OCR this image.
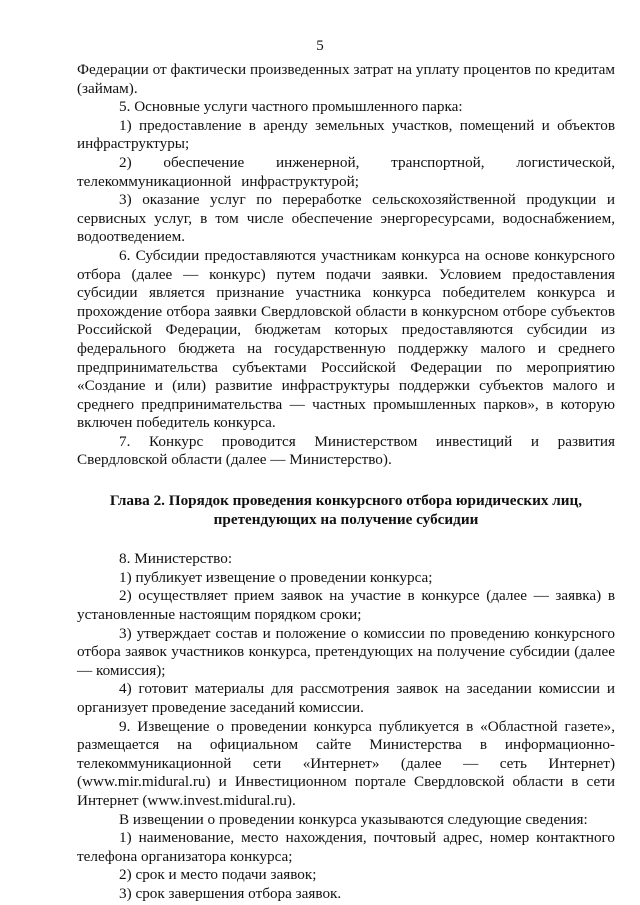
5

Федерации от фактически произведенных затрат на уплату процентов по кредитам (займам).

5. Основные услуги частного промышленного парка:

1) предоставление в аренду земельных участков, помещений и объектов инфраструктуры;

2) обеспечение инженерной, транспортной, логистической, телекоммуникационной инфраструктурой;

3) оказание услуг по переработке сельскохозяйственной продукции и сервисных услуг, в том числе обеспечение энергоресурсами, водоснабжением, водоотведением.

6. Субсидии предоставляются участникам конкурса на основе конкурсного отбора (далее — конкурс) путем подачи заявки. Условием предоставления субсидии является признание участника конкурса победителем конкурса и прохождение отбора заявки Свердловской области в конкурсном отборе субъектов Российской Федерации, бюджетам которых предоставляются субсидии из федерального бюджета на государственную поддержку малого и среднего предпринимательства субъектами Российской Федерации по мероприятию «Создание и (или) развитие инфраструктуры поддержки субъектов малого и среднего предпринимательства — частных промышленных парков», в которую включен победитель конкурса.

7. Конкурс проводится Министерством инвестиций и развития Свердловской области (далее — Министерство).

Глава 2. Порядок проведения конкурсного отбора юридических лиц, претендующих на получение субсидии

8. Министерство:

1) публикует извещение о проведении конкурса;

2) осуществляет прием заявок на участие в конкурсе (далее — заявка) в установленные настоящим порядком сроки;

3) утверждает состав и положение о комиссии по проведению конкурсного отбора заявок участников конкурса, претендующих на получение субсидии (далее — комиссия);

4) готовит материалы для рассмотрения заявок на заседании комиссии и организует проведение заседаний комиссии.

9. Извещение о проведении конкурса публикуется в «Областной газете», размещается на официальном сайте Министерства в информационно-телекоммуникационной сети «Интернет» (далее — сеть Интернет) (www.mir.midural.ru) и Инвестиционном портале Свердловской области в сети Интернет (www.invest.midural.ru).

В извещении о проведении конкурса указываются следующие сведения:

1) наименование, место нахождения, почтовый адрес, номер контактного телефона организатора конкурса;

2) срок и место подачи заявок;

3) срок завершения отбора заявок.
